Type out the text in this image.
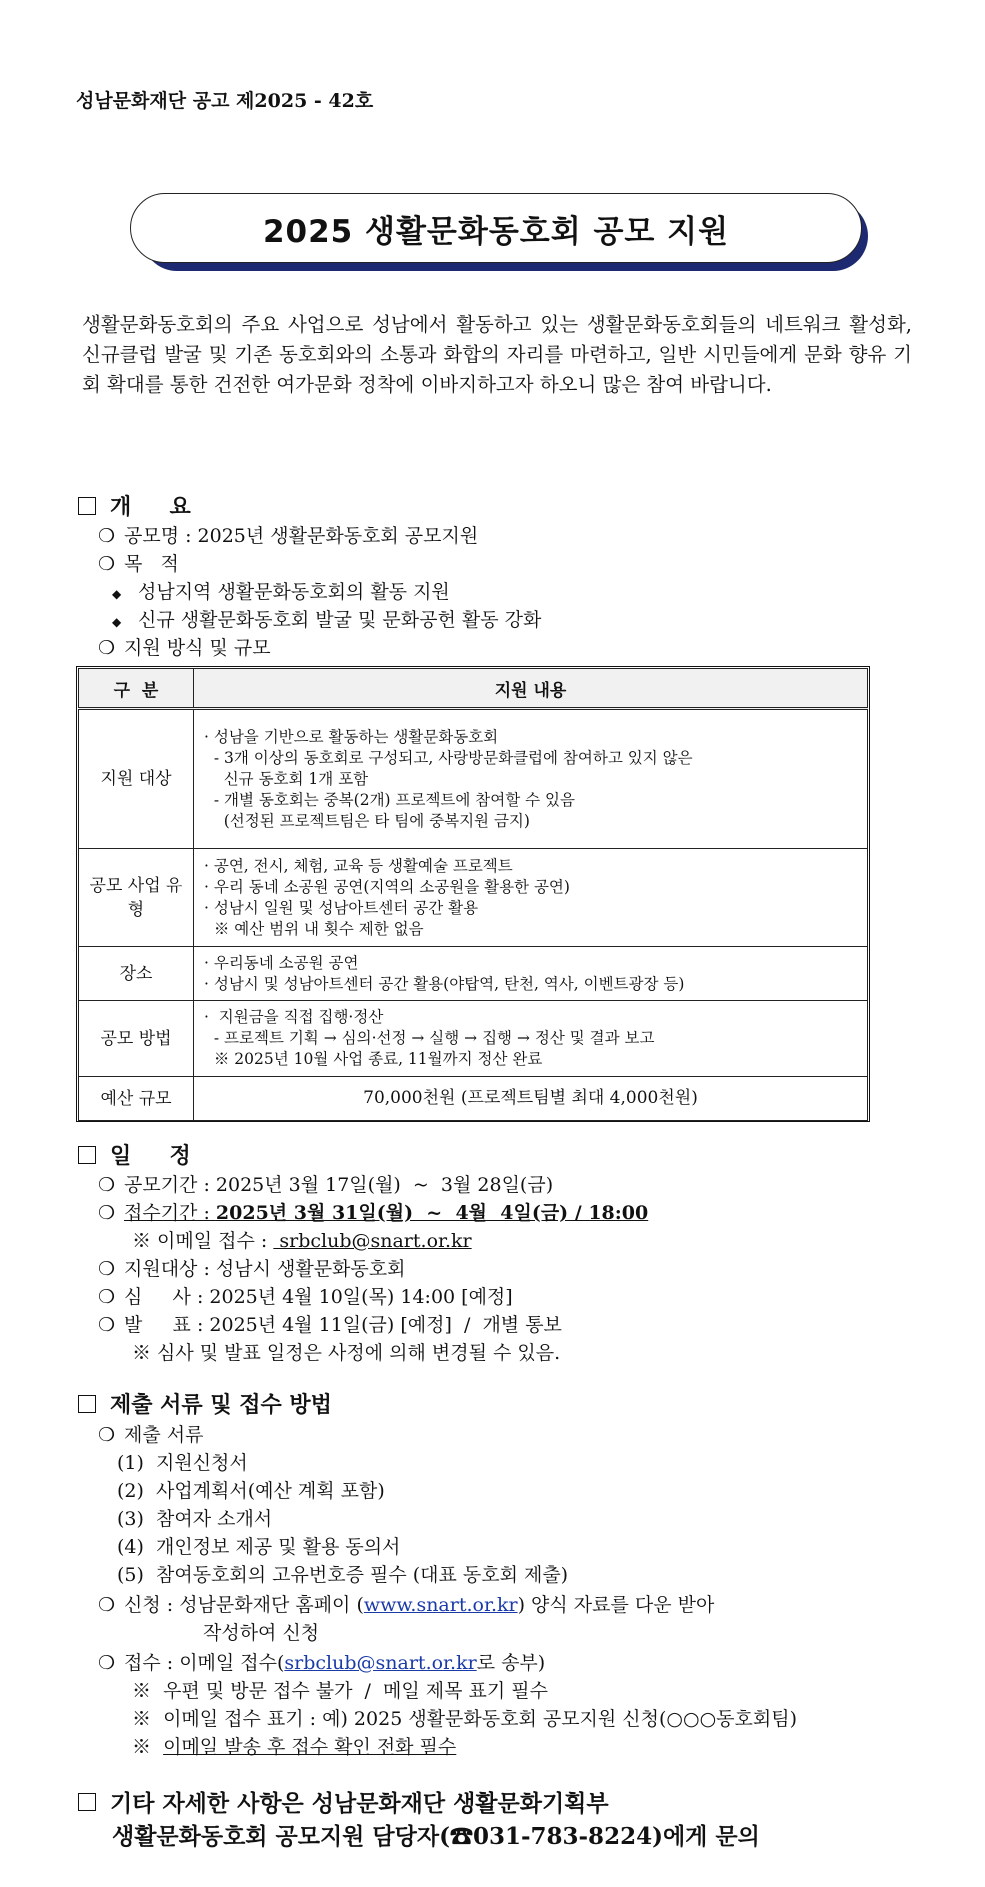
성남문화재단 공고 제2025 - 42호
2025 생활문화동호회 공모 지원
생활문화동호회의 주요 사업으로 성남에서 활동하고 있는 생활문화동호회들의 네트워크 활성화, 신규클럽 발굴 및 기존 동호회와의 소통과 화합의 자리를 마련하고, 일반 시민들에게 문화 향유 기회 확대를 통한 건전한 여가문화 정착에 이바지하고자 하오니 많은 참여 바랍니다.
개     요
❍ 공모명 : 2025년 생활문화동호회 공모지원
❍ 목   적
◆ 성남지역 생활문화동호회의 활동 지원
◆ 신규 생활문화동호회 발굴 및 문화공헌 활동 강화
❍ 지원 방식 및 규모
구  분	지원 내용
지원 대상	· 성남을 기반으로 활동하는 생활문화동호회
- 3개 이상의 동호회로 구성되고, 사랑방문화클럽에 참여하고 있지 않은
신규 동호회 1개 포함
- 개별 동호회는 중복(2개) 프로젝트에 참여할 수 있음
(선정된 프로젝트팀은 타 팀에 중복지원 금지)

공모 사업 유형	· 공연, 전시, 체험, 교육 등 생활예술 프로젝트
· 우리 동네 소공원 공연(지역의 소공원을 활용한 공연)
· 성남시 일원 및 성남아트센터 공간 활용
※ 예산 범위 내 횟수 제한 없음

장소	· 우리동네 소공원 공연
· 성남시 및 성남아트센터 공간 활용(야탑역, 탄천, 역사, 이벤트광장 등)

공모 방법	·  지원금을 직접 집행·정산
- 프로젝트 기획 → 심의·선정 → 실행 → 집행 → 정산 및 결과 보고
※ 2025년 10월 사업 종료, 11월까지 정산 완료

예산 규모	70,000천원 (프로젝트팀별 최대 4,000천원)
일     정
❍ 공모기간 : 2025년 3월 17일(월)  ~  3월 28일(금)
❍ 접수기간 : 2025년 3월 31일(월)  ~  4월  4일(금) / 18:00
※ 이메일 접수 :  srbclub@snart.or.kr
❍ 지원대상 : 성남시 생활문화동호회
❍ 심     사 : 2025년 4월 10일(목) 14:00 [예정]
❍ 발     표 : 2025년 4월 11일(금) [예정]  /  개별 통보
※ 심사 및 발표 일정은 사정에 의해 변경될 수 있음.
제출 서류 및 접수 방법
❍ 제출 서류
(1)  지원신청서
(2)  사업계획서(예산 계획 포함)
(3)  참여자 소개서
(4)  개인정보 제공 및 활용 동의서
(5)  참여동호회의 고유번호증 필수 (대표 동호회 제출)
❍ 신청 : 성남문화재단 홈페이 (www.snart.or.kr) 양식 자료를 다운 받아
작성하여 신청
❍ 접수 : 이메일 접수(srbclub@snart.or.kr로 송부)
※  우편 및 방문 접수 불가  /  메일 제목 표기 필수
※  이메일 접수 표기 : 예) 2025 생활문화동호회 공모지원 신청(○○○동호회팀)
※  이메일 발송 후 접수 확인 전화 필수
기타 자세한 사항은 성남문화재단 생활문화기획부
생활문화동호회 공모지원 담당자(☎031-783-8224)에게 문의
